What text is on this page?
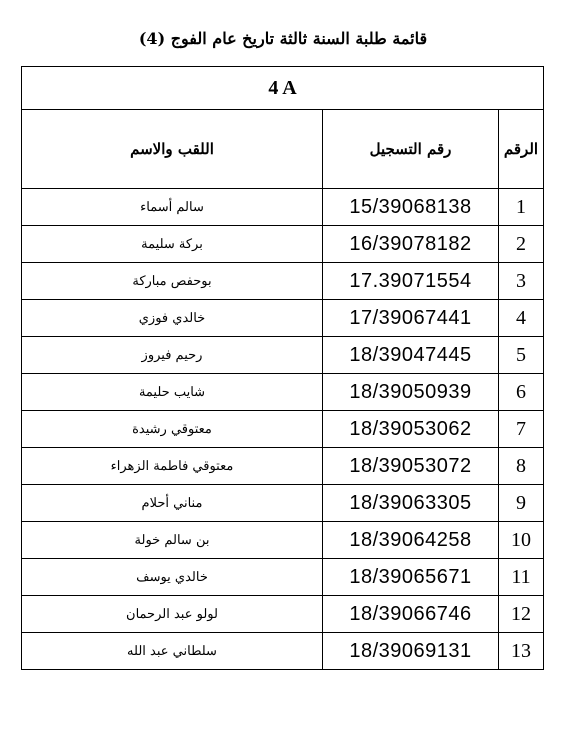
قائمة طلبة السنة ثالثة تاريخ عام الفوج (4)
4 A		
الرقم	رقم التسجيل	اللقب والاسم
1	15/39068138	سالم أسماء
2	16/39078182	بركة سليمة
3	17.39071554	بوحفص مباركة
4	17/39067441	خالدي فوزي
5	18/39047445	رحيم فيروز
6	18/39050939	شايب حليمة
7	18/39053062	معتوقي رشيدة
8	18/39053072	معتوقي فاطمة الزهراء
9	18/39063305	مناني أحلام
10	18/39064258	بن سالم خولة
11	18/39065671	خالدي يوسف
12	18/39066746	لولو عبد الرحمان
13	18/39069131	سلطاني عبد الله
